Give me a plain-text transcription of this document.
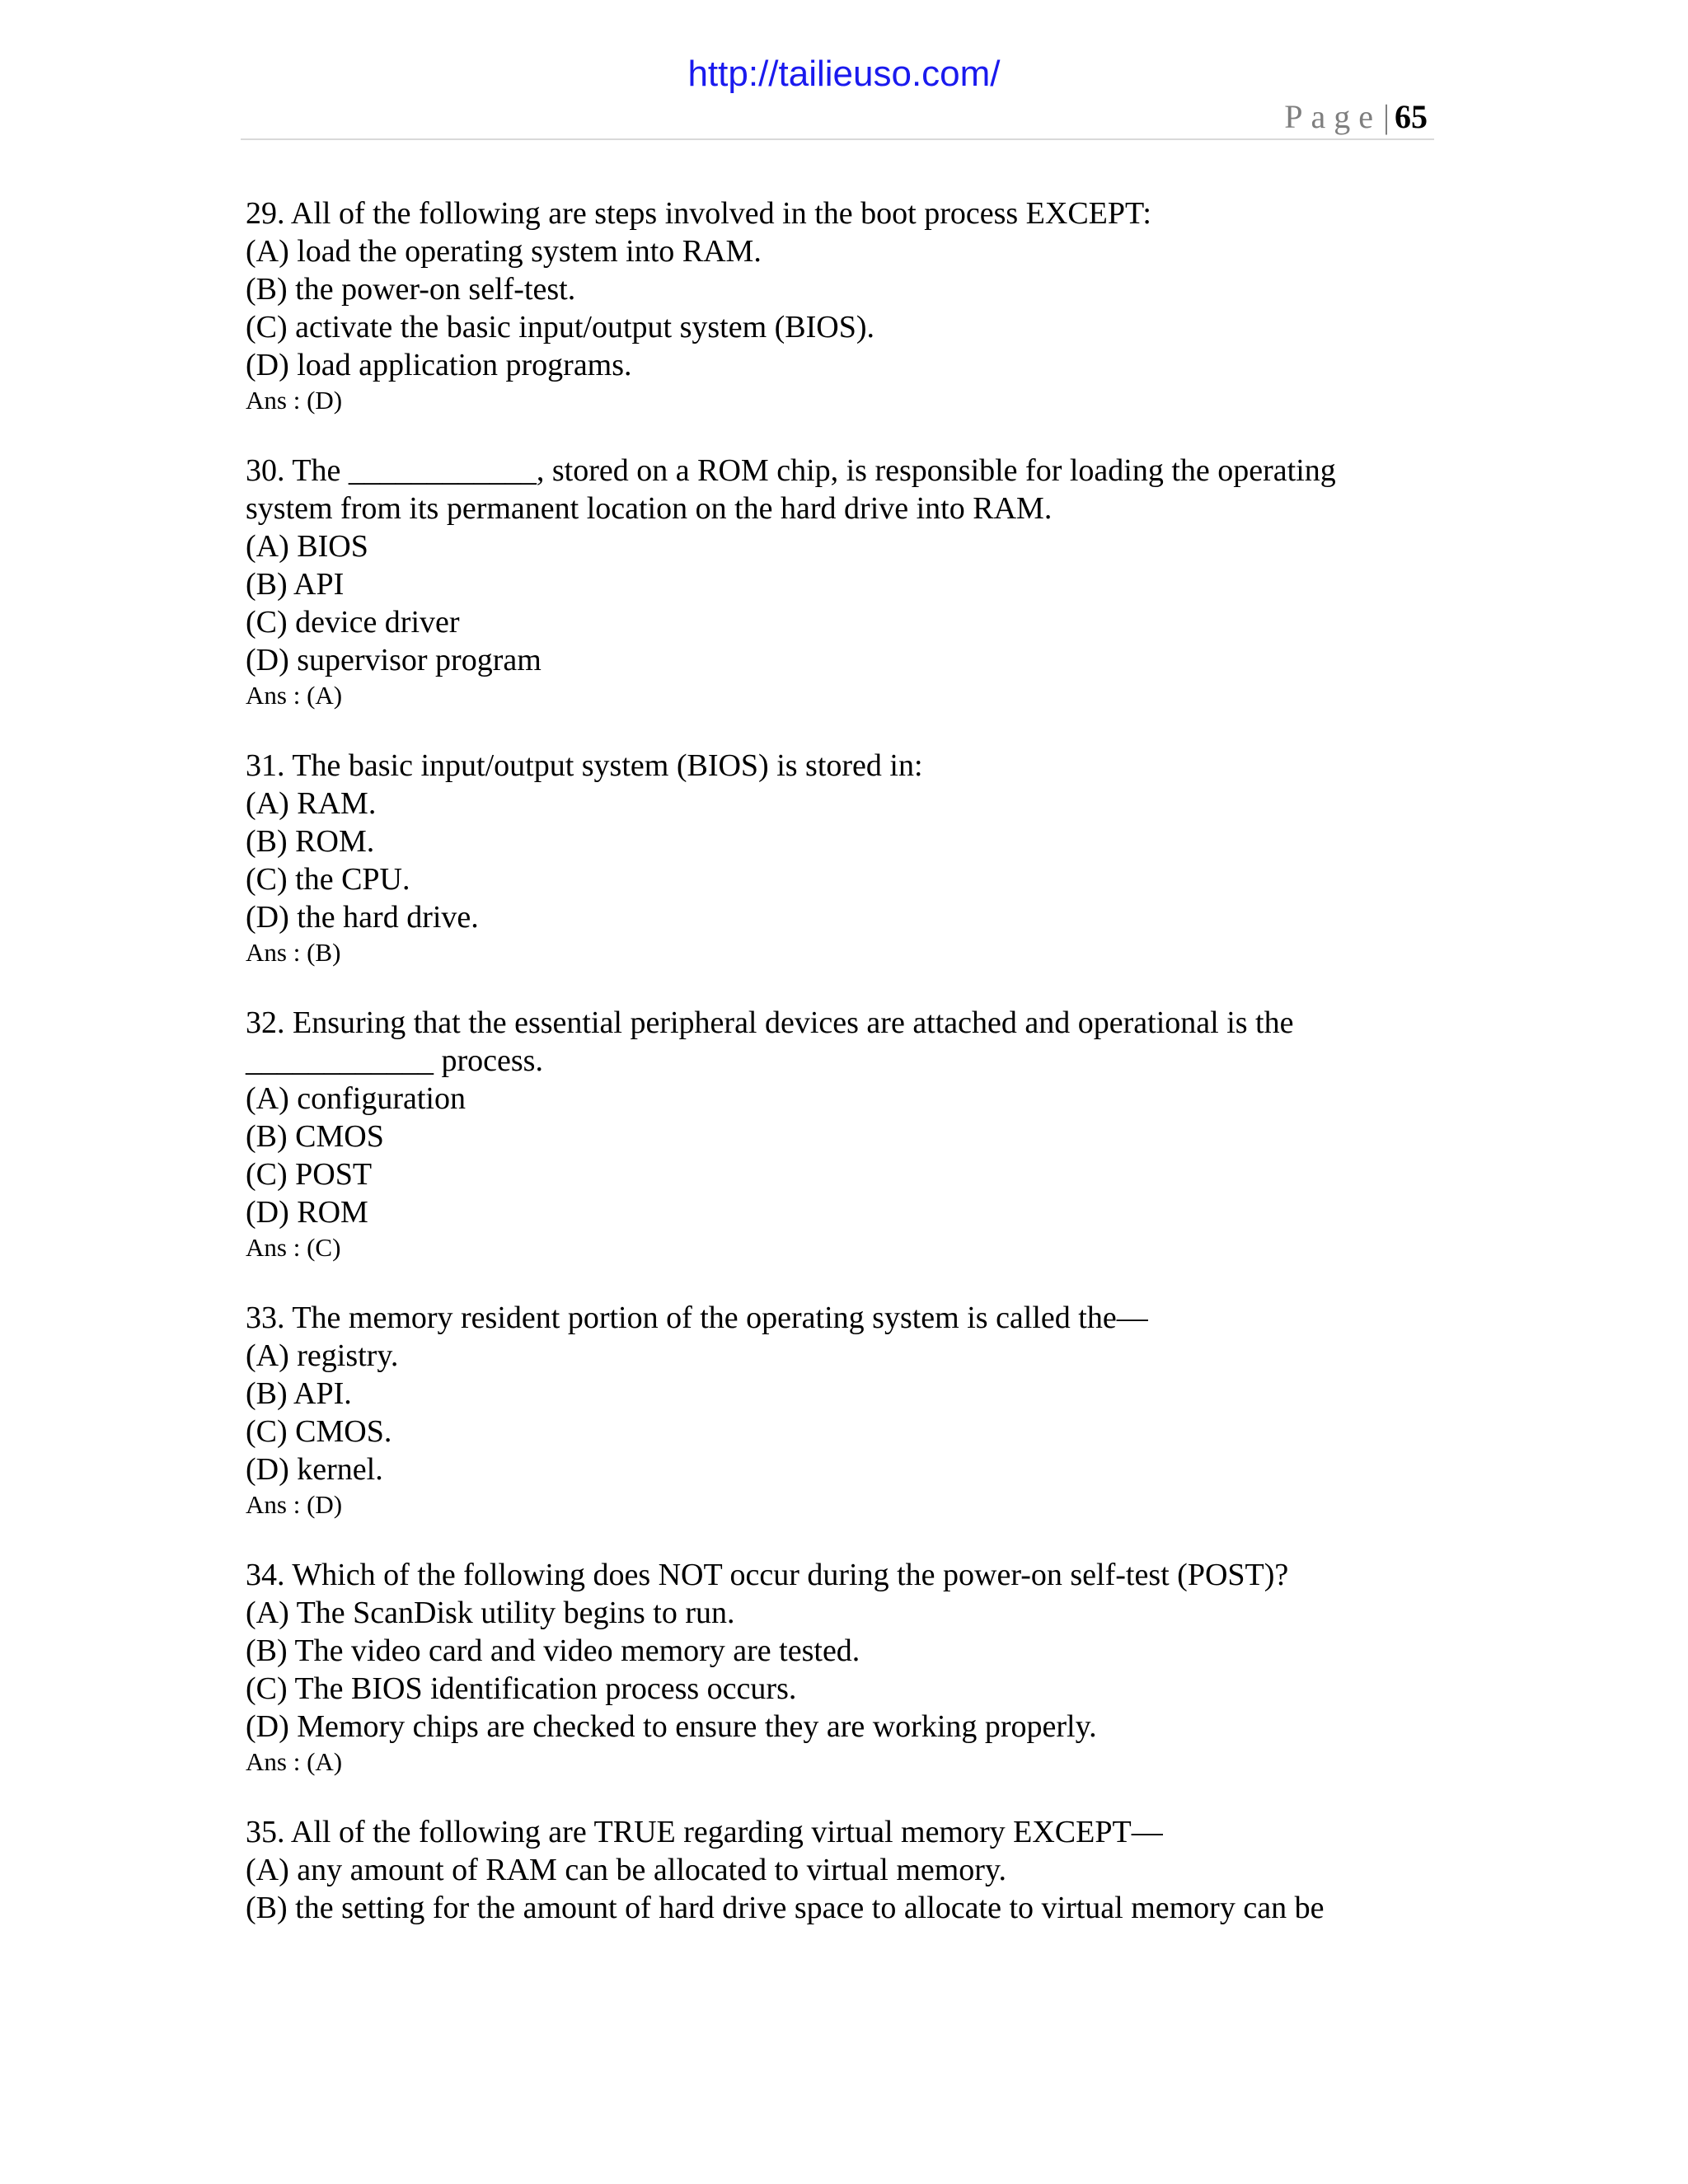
http://tailieuso.com/
Page| 65

29. All of the following are steps involved in the boot process EXCEPT:

(A) load the operating system into RAM.

(B) the power-on self-test.

(C) activate the basic input/output system (BIOS).

(D) load application programs.

Ans : (D)

30. The ____________, stored on a ROM chip, is responsible for loading the operating

system from its permanent location on the hard drive into RAM.

(A) BIOS

(B) API

(C) device driver

(D) supervisor program

Ans : (A)

31. The basic input/output system (BIOS) is stored in:

(A) RAM.

(B) ROM.

(C) the CPU.

(D) the hard drive.

Ans : (B)

32. Ensuring that the essential peripheral devices are attached and operational is the

____________ process.

(A) configuration

(B) CMOS

(C) POST

(D) ROM

Ans : (C)

33. The memory resident portion of the operating system is called the—

(A) registry.

(B) API.

(C) CMOS.

(D) kernel.

Ans : (D)

34. Which of the following does NOT occur during the power-on self-test (POST)?

(A) The ScanDisk utility begins to run.

(B) The video card and video memory are tested.

(C) The BIOS identification process occurs.

(D) Memory chips are checked to ensure they are working properly.

Ans : (A)

35. All of the following are TRUE regarding virtual memory EXCEPT—

(A) any amount of RAM can be allocated to virtual memory.

(B) the setting for the amount of hard drive space to allocate to virtual memory can be
